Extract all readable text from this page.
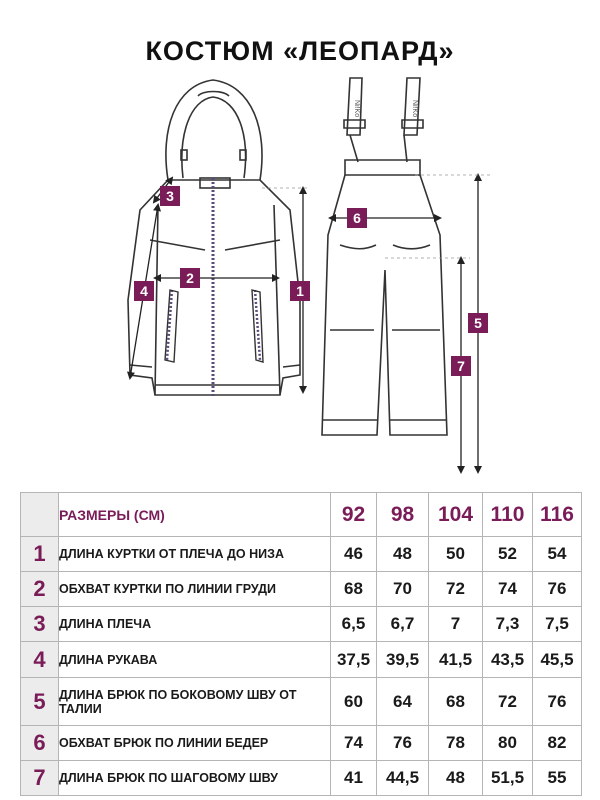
КОСТЮМ «ЛЕОПАРД»
Ni!Ko	Ni!Ko
1
2
3
4
5
6
7
	РАЗМЕРЫ (СМ)	92	98	104	110	116
1	ДЛИНА КУРТКИ ОТ ПЛЕЧА ДО НИЗА	46	48	50	52	54
2	ОБХВАТ КУРТКИ ПО ЛИНИИ ГРУДИ	68	70	72	74	76
3	ДЛИНА ПЛЕЧА	6,5	6,7	7	7,3	7,5
4	ДЛИНА РУКАВА	37,5	39,5	41,5	43,5	45,5
5	ДЛИНА БРЮК ПО БОКОВОМУ ШВУ ОТ ТАЛИИ	60	64	68	72	76
6	ОБХВАТ БРЮК ПО ЛИНИИ БЕДЕР	74	76	78	80	82
7	ДЛИНА БРЮК ПО ШАГОВОМУ ШВУ	41	44,5	48	51,5	55
